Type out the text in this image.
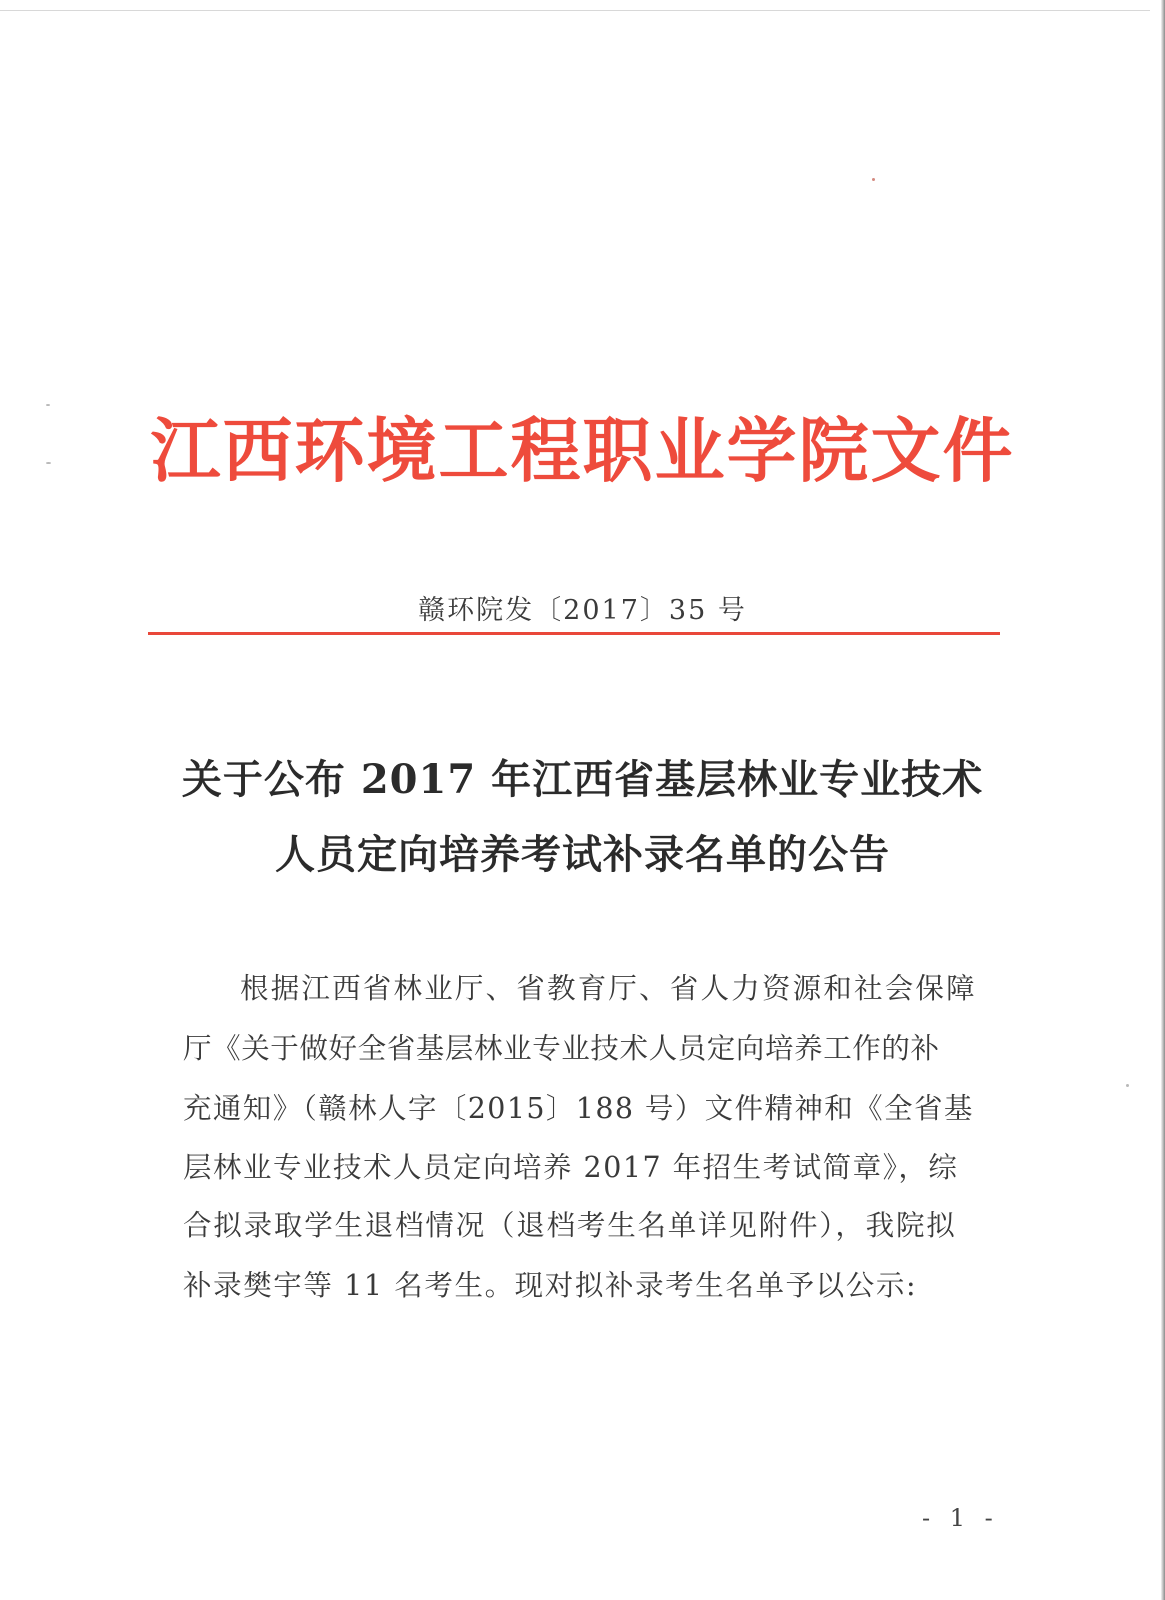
江西环境工程职业学院文件
赣环院发〔2017〕35 号
关于公布 2017 年江西省基层林业专业技术
人员定向培养考试补录名单的公告
根据江西省林业厅、省教育厅、省人力资源和社会保障
厅《关于做好全省基层林业专业技术人员定向培养工作的补
充通知》（赣林人字〔2015〕188 号）文件精神和《全省基
层林业专业技术人员定向培养 2017 年招生考试简章》，综
合拟录取学生退档情况（退档考生名单详见附件），我院拟
补录樊宇等 11 名考生。现对拟补录考生名单予以公示:
- 1 -
